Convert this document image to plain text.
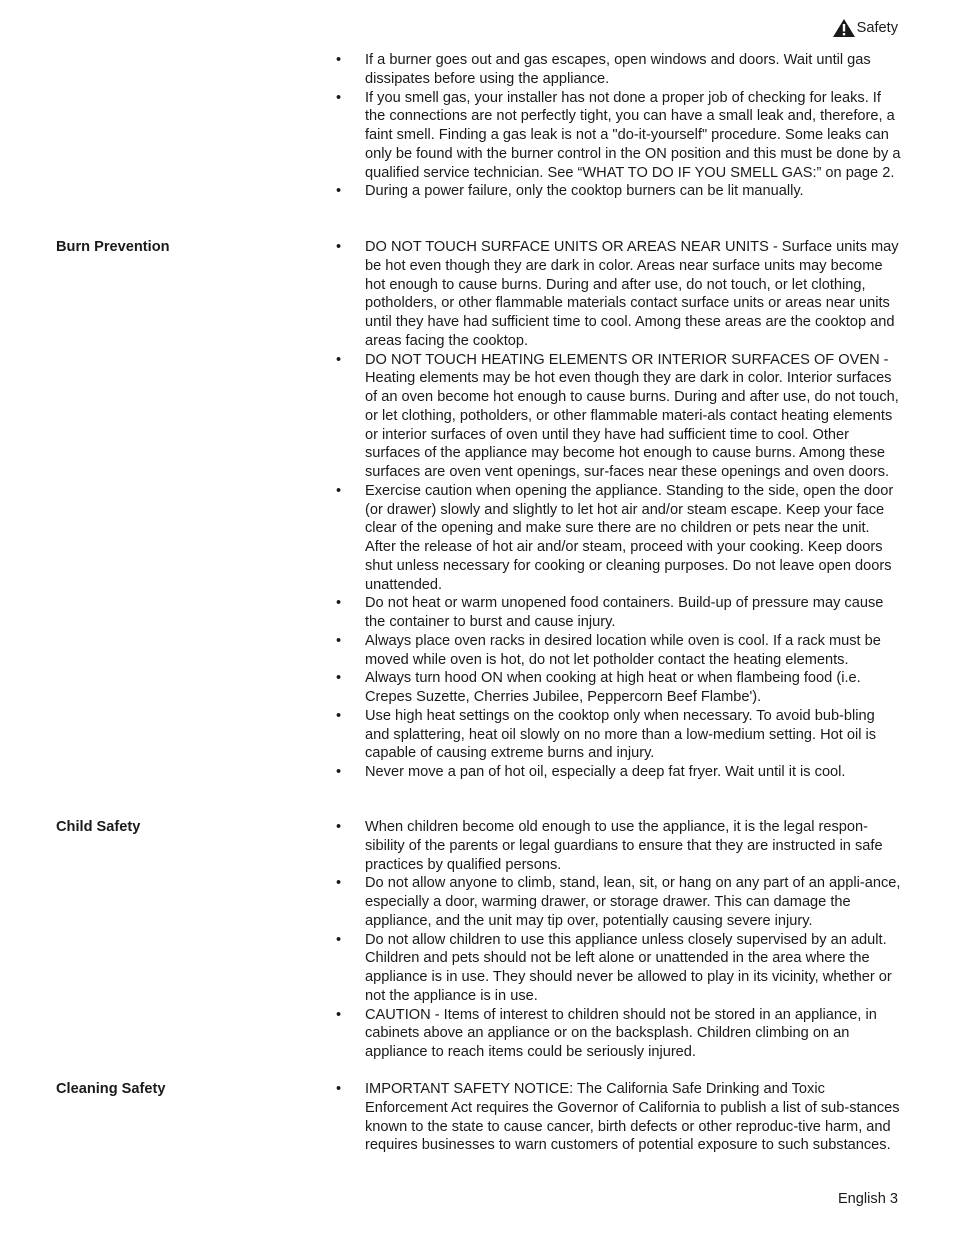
Safety
• If a burner goes out and gas escapes, open windows and doors. Wait until gas dissipates before using the appliance.
• If you smell gas, your installer has not done a proper job of checking for leaks. If the connections are not perfectly tight, you can have a small leak and, therefore, a faint smell. Finding a gas leak is not a "do-it-yourself" procedure. Some leaks can only be found with the burner control in the ON position and this must be done by a qualified service technician. See “WHAT TO DO IF YOU SMELL GAS:” on page 2.
• During a power failure, only the cooktop burners can be lit manually.
Burn Prevention	• DO NOT TOUCH SURFACE UNITS OR AREAS NEAR UNITS - Surface units may be hot even though they are dark in color. Areas near surface units may become hot enough to cause burns. During and after use, do not touch, or let clothing, potholders, or other flammable materials contact surface units or areas near units until they have had sufficient time to cool. Among these areas are the cooktop and areas facing the cooktop.
• DO NOT TOUCH HEATING ELEMENTS OR INTERIOR SURFACES OF OVEN - Heating elements may be hot even though they are dark in color. Interior surfaces of an oven become hot enough to cause burns. During and after use, do not touch, or let clothing, potholders, or other flammable materi-als contact heating elements or interior surfaces of oven until they have had sufficient time to cool. Other surfaces of the appliance may become hot enough to cause burns. Among these surfaces are oven vent openings, sur-faces near these openings and oven doors.
• Exercise caution when opening the appliance. Standing to the side, open the door (or drawer) slowly and slightly to let hot air and/or steam escape. Keep your face clear of the opening and make sure there are no children or pets near the unit. After the release of hot air and/or steam, proceed with your cooking. Keep doors shut unless necessary for cooking or cleaning purposes. Do not leave open doors unattended.
• Do not heat or warm unopened food containers. Build-up of pressure may cause the container to burst and cause injury.
• Always place oven racks in desired location while oven is cool. If a rack must be moved while oven is hot, do not let potholder contact the heating elements.
• Always turn hood ON when cooking at high heat or when flambeing food (i.e. Crepes Suzette, Cherries Jubilee, Peppercorn Beef Flambe').
• Use high heat settings on the cooktop only when necessary. To avoid bub-bling and splattering, heat oil slowly on no more than a low-medium setting. Hot oil is capable of causing extreme burns and injury.
• Never move a pan of hot oil, especially a deep fat fryer. Wait until it is cool.
Child Safety	• When children become old enough to use the appliance, it is the legal respon-sibility of the parents or legal guardians to ensure that they are instructed in safe practices by qualified persons.
• Do not allow anyone to climb, stand, lean, sit, or hang on any part of an appli-ance, especially a door, warming drawer, or storage drawer. This can damage the appliance, and the unit may tip over, potentially causing severe injury.
• Do not allow children to use this appliance unless closely supervised by an adult. Children and pets should not be left alone or unattended in the area where the appliance is in use. They should never be allowed to play in its vicinity, whether or not the appliance is in use.
• CAUTION - Items of interest to children should not be stored in an appliance, in cabinets above an appliance or on the backsplash. Children climbing on an appliance to reach items could be seriously injured.
Cleaning Safety	• IMPORTANT SAFETY NOTICE: The California Safe Drinking and Toxic Enforcement Act requires the Governor of California to publish a list of sub-stances known to the state to cause cancer, birth defects or other reproduc-tive harm, and requires businesses to warn customers of potential exposure to such substances.
English 3
